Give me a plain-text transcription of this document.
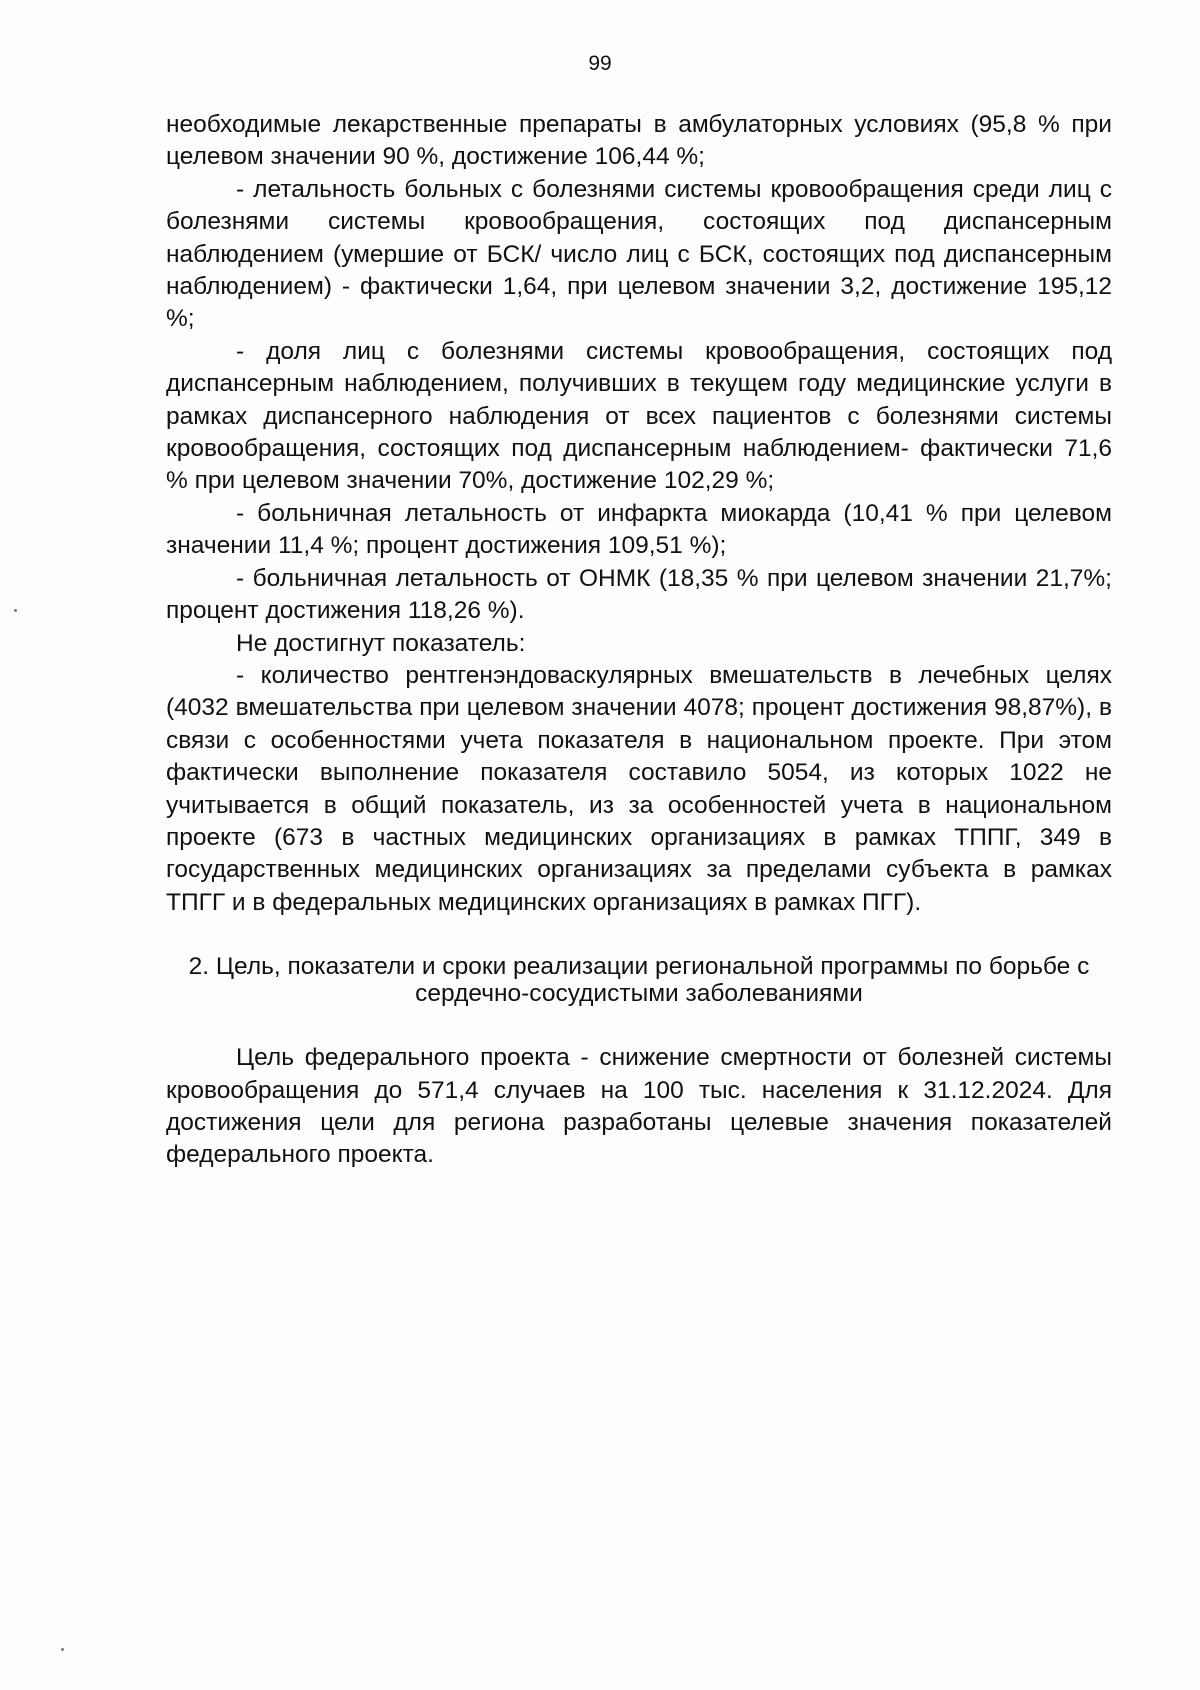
99

необходимые лекарственные препараты в амбулаторных условиях (95,8 % при целевом значении 90 %, достижение 106,44 %;

- летальность больных с болезнями системы кровообращения среди лиц с болезнями системы кровообращения, состоящих под диспансерным наблюдением (умершие от БСК/ число лиц с БСК, состоящих под диспансерным наблюдением) - фактически 1,64, при целевом значении 3,2, достижение 195,12 %;

- доля лиц с болезнями системы кровообращения, состоящих под диспансерным наблюдением, получивших в текущем году медицинские услуги в рамках диспансерного наблюдения от всех пациентов с болезнями системы кровообращения, состоящих под диспансерным наблюдением- фактически 71,6 % при целевом значении 70%, достижение 102,29 %;

- больничная летальность от инфаркта миокарда (10,41 % при целевом значении 11,4 %; процент достижения 109,51 %);

- больничная летальность от ОНМК (18,35 % при целевом значении 21,7%; процент достижения 118,26 %).

Не достигнут показатель:

- количество рентгенэндоваскулярных вмешательств в лечебных целях (4032 вмешательства при целевом значении 4078; процент достижения 98,87%), в связи с особенностями учета показателя в национальном проекте. При этом фактически выполнение показателя составило 5054, из которых 1022 не учитывается в общий показатель, из за особенностей учета в национальном проекте (673 в частных медицинских организациях в рамках ТППГ, 349 в государственных медицинских организациях за пределами субъекта в рамках ТПГГ и в федеральных медицинских организациях в рамках ПГГ).

2. Цель, показатели и сроки реализации региональной программы по борьбе с
сердечно-сосудистыми заболеваниями

Цель федерального проекта - снижение смертности от болезней системы кровообращения до 571,4 случаев на 100 тыс. населения к 31.12.2024. Для достижения цели для региона разработаны целевые значения показателей федерального проекта.
